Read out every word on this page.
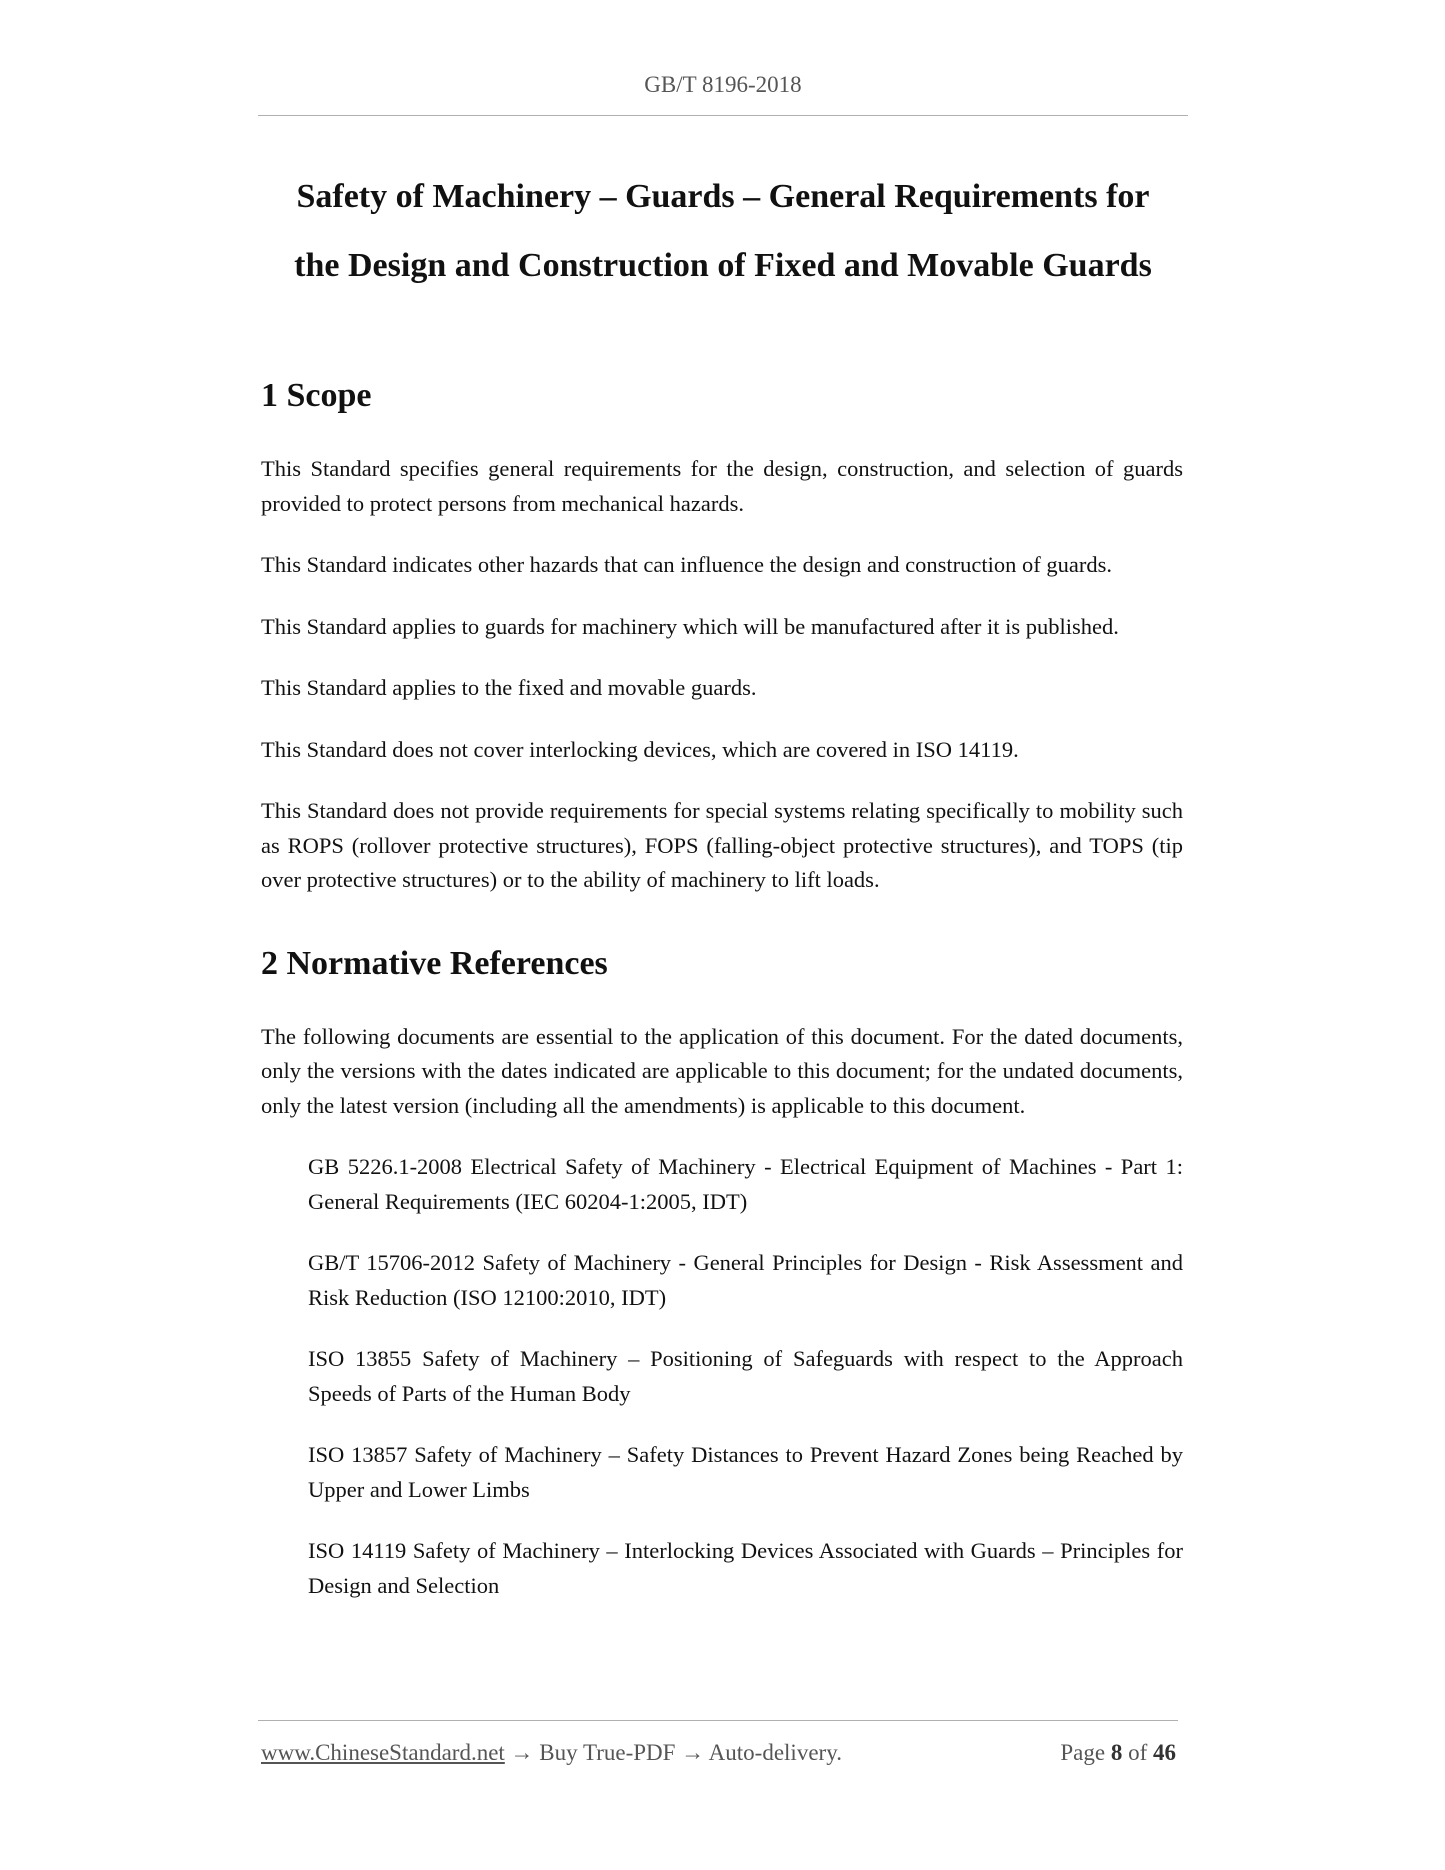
GB/T 8196-2018
Safety of Machinery – Guards – General Requirements for
the Design and Construction of Fixed and Movable Guards
1 Scope

This Standard specifies general requirements for the design, construction, and selection of guards provided to protect persons from mechanical hazards.

This Standard indicates other hazards that can influence the design and construction of guards.

This Standard applies to guards for machinery which will be manufactured after it is published.

This Standard applies to the fixed and movable guards.

This Standard does not cover interlocking devices, which are covered in ISO 14119.

This Standard does not provide requirements for special systems relating specifically to mobility such as ROPS (rollover protective structures), FOPS (falling-object protective structures), and TOPS (tip over protective structures) or to the ability of machinery to lift loads.

2 Normative References

The following documents are essential to the application of this document. For the dated documents, only the versions with the dates indicated are applicable to this document; for the undated documents, only the latest version (including all the amendments) is applicable to this document.

GB 5226.1-2008 Electrical Safety of Machinery - Electrical Equipment of Machines - Part 1: General Requirements (IEC 60204-1:2005, IDT)

GB/T 15706-2012 Safety of Machinery - General Principles for Design - Risk Assessment and Risk Reduction (ISO 12100:2010, IDT)

ISO 13855 Safety of Machinery – Positioning of Safeguards with respect to the Approach Speeds of Parts of the Human Body

ISO 13857 Safety of Machinery – Safety Distances to Prevent Hazard Zones being Reached by Upper and Lower Limbs

ISO 14119 Safety of Machinery – Interlocking Devices Associated with Guards – Principles for Design and Selection

www.ChineseStandard.net → Buy True-PDF → Auto-delivery.	Page 8 of 46
